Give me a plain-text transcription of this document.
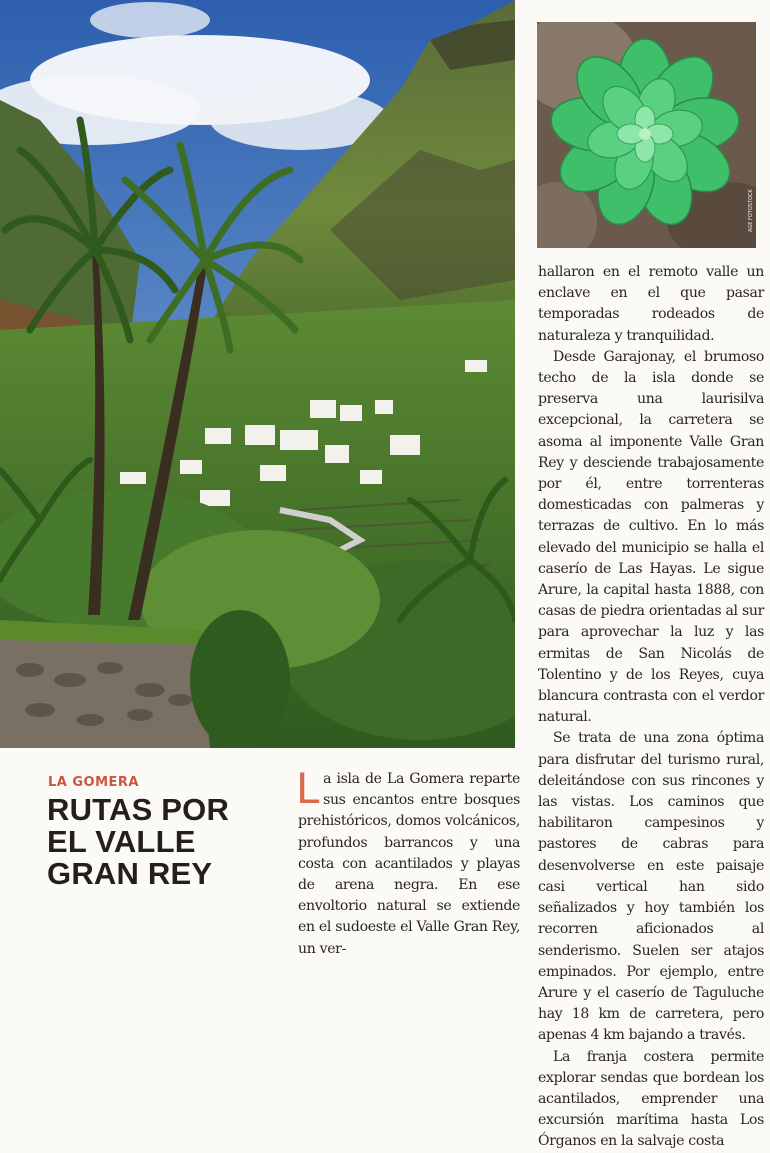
AGE FOTOSTOCK

hallaron en el remoto valle un enclave en el que pasar temporadas rodeados de naturaleza y tranquilidad.

Desde Garajonay, el brumoso techo de la isla donde se preserva una laurisilva excepcional, la carretera se asoma al imponente Valle Gran Rey y desciende trabajosamente por él, entre torrenteras domesticadas con palmeras y terrazas de cultivo. En lo más elevado del municipio se halla el caserío de Las Hayas. Le sigue Arure, la capital hasta 1888, con casas de piedra orientadas al sur para aprovechar la luz y las ermitas de San Nicolás de Tolentino y de los Reyes, cuya blancura contrasta con el verdor natural.

Se trata de una zona óptima para disfrutar del turismo rural, deleitándose con sus rincones y las vistas. Los caminos que habilitaron campesinos y pastores de cabras para desenvolverse en este paisaje casi vertical han sido señalizados y hoy también los recorren aficionados al senderismo. Suelen ser atajos empinados. Por ejemplo, entre Arure y el caserío de Taguluche hay 18 km de carretera, pero apenas 4 km bajando a través.

La franja costera permite explorar sendas que bordean los acantilados, emprender una excursión marítima hasta Los Órganos en la salvaje costa

LA GOMERA
RUTAS POR
EL VALLE
GRAN REY

La isla de La Gomera reparte sus encantos entre bosques prehistóricos, domos volcánicos, profundos barrancos y una costa con acantilados y playas de arena negra. En ese envoltorio natural se extiende en el sudoeste el Valle Gran Rey, un ver-
